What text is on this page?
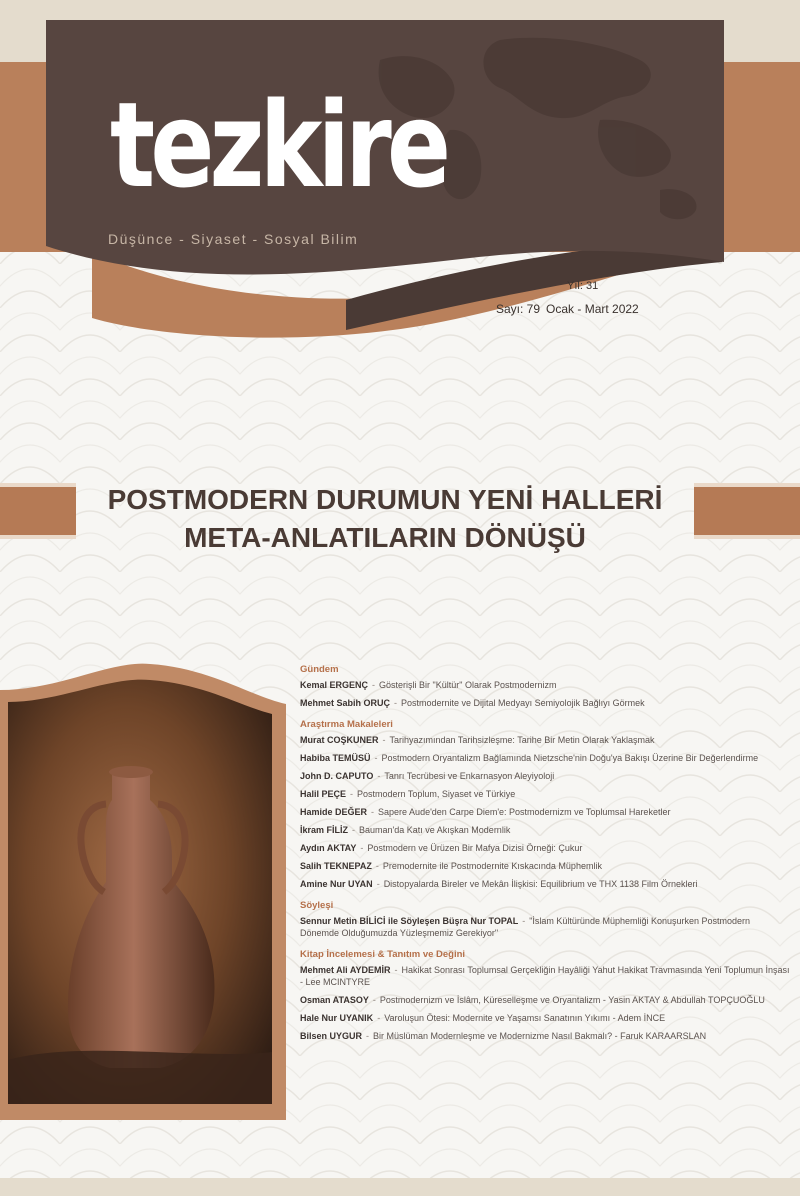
tezkire
Düşünce - Siyaset - Sosyal Bilim
Yıl: 31
Sayı: 79 Ocak - Mart 2022
POSTMODERN DURUMUN YENİ HALLERİ
META-ANLATILARIN DÖNÜŞÜ
Gündem
Kemal ERGENÇ - Gösterişli Bir "Kültür" Olarak Postmodernizm
Mehmet Sabih ORUÇ - Postmodernite ve Dijital Medyayı Semiyolojik Bağlıyı Görmek
Araştırma Makaleleri
Murat COŞKUNER - Tarihyazımından Tarihsizleşme: Tarihe Bir Metin Olarak Yaklaşmak
Habiba TEMÜSÜ - Postmodern Oryantalizm Bağlamında Nietzsche'nin Doğu'ya Bakışı Üzerine Bir Değerlendirme
John D. CAPUTO - Tanrı Tecrübesi ve Enkarnasyon Aleyiyoloji
Halil PEÇE - Postmodern Toplum, Siyaset ve Türkiye
Hamide DEĞER - Sapere Aude'den Carpe Diem'e: Postmodernizm ve Toplumsal Hareketler
İkram FİLİZ - Bauman'da Katı ve Akışkan Modernlik
Aydın AKTAY - Postmodern ve Ürüzen Bir Mafya Dizisi Örneği: Çukur
Salih TEKNEPAZ - Premodernite ile Postmodernite Kıskacında Müphemlik
Amine Nur UYAN - Distopyalarda Bireler ve Mekân İlişkisi: Equilibrium ve THX 1138 Film Örnekleri
Söyleşi
Sennur Metin BİLİCİ ile Söyleşen Büşra Nur TOPAL - "İslam Kültüründe Müphemliği Konuşurken Postmodern Dönemde Olduğumuzda Yüzleşmemiz Gerekiyor"
Kitap İncelemesi & Tanıtım ve Değini
Mehmet Ali AYDEMİR - Hakikat Sonrası Toplumsal Gerçekliğin Hayâliği Yahut Hakikat Travmasında Yeni Toplumun İnşası - Lee MCINTYRE
Osman ATASOY - Postmodernizm ve İslâm, Küreselleşme ve Oryantalizm - Yasin AKTAY & Abdullah TOPÇUOĞLU
Hale Nur UYANIK - Varoluşun Ötesi: Modernite ve Yaşamsı Sanatının Yıkımı - Adem İNCE
Bilsen UYGUR - Bir Müslüman Modernleşme ve Modernizme Nasıl Bakmalı? - Faruk KARAARSLAN
